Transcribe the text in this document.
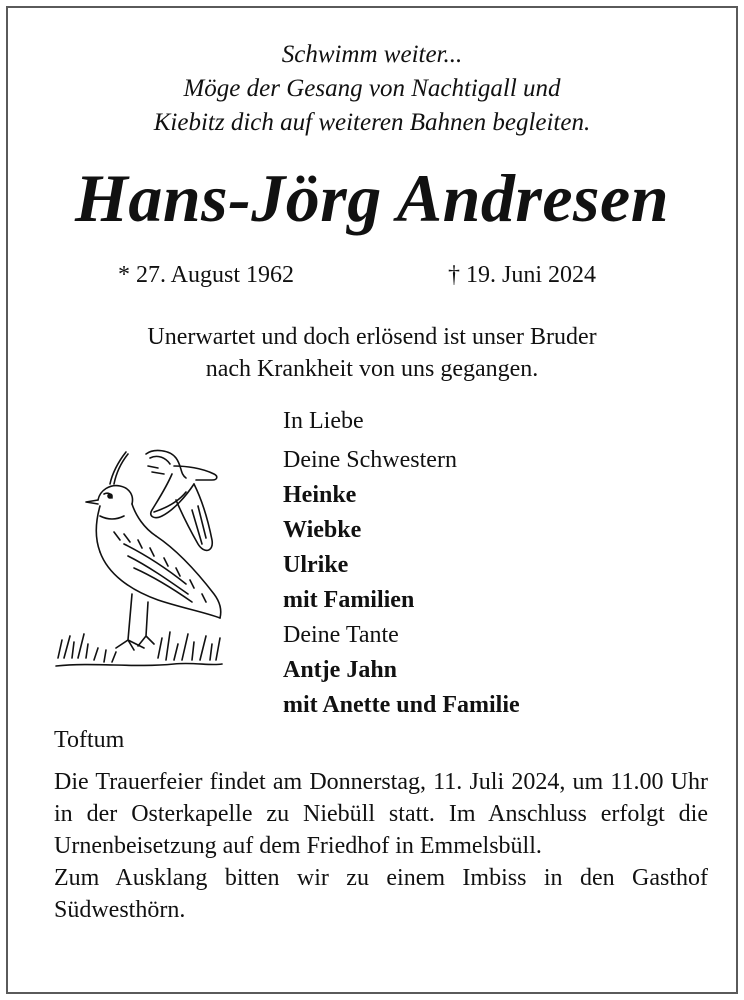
Schwimm weiter...
Möge der Gesang von Nachtigall und
Kiebitz dich auf weiteren Bahnen begleiten.
Hans-Jörg Andresen
* 27. August 1962	† 19. Juni 2024
Unerwartet und doch erlösend ist unser Bruder
nach Krankheit von uns gegangen.
In Liebe
Deine Schwestern
Heinke
Wiebke
Ulrike
mit Familien
Deine Tante
Antje Jahn
mit Anette und Familie
Toftum

Die Trauerfeier findet am Donnerstag, 11. Juli 2024, um 11.00 Uhr in der Osterkapelle zu Niebüll statt. Im Anschluss erfolgt die Urnenbeisetzung auf dem Friedhof in Emmelsbüll.

Zum Ausklang bitten wir zu einem Imbiss in den Gasthof Südwesthörn.
